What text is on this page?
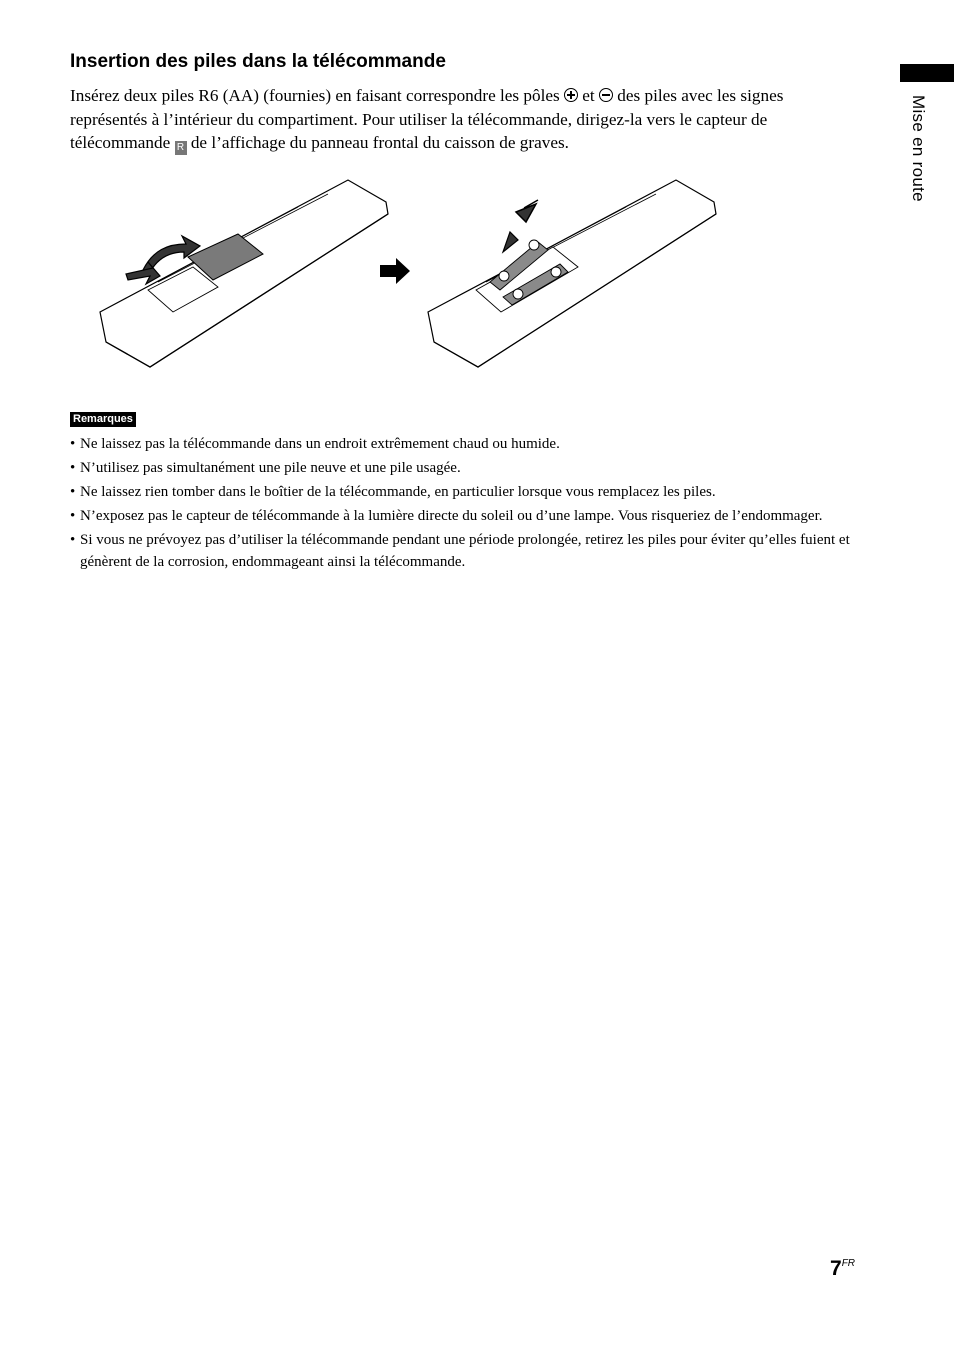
Mise en route
Insertion des piles dans la télécommande

Insérez deux piles R6 (AA) (fournies) en faisant correspondre les pôles  et  des piles avec les signes représentés à l’intérieur du compartiment. Pour utiliser la télécommande, dirigez-la vers le capteur de télécommande R de l’affichage du panneau frontal du caisson de graves.

Remarques
• Ne laissez pas la télécommande dans un endroit extrêmement chaud ou humide.
• N’utilisez pas simultanément une pile neuve et une pile usagée.
• Ne laissez rien tomber dans le boîtier de la télécommande, en particulier lorsque vous remplacez les piles.
• N’exposez pas le capteur de télécommande à la lumière directe du soleil ou d’une lampe. Vous risqueriez de l’endommager.
• Si vous ne prévoyez pas d’utiliser la télécommande pendant une période prolongée, retirez les piles pour éviter qu’elles fuient et génèrent de la corrosion, endommageant ainsi la télécommande.
$7^{FR}$
